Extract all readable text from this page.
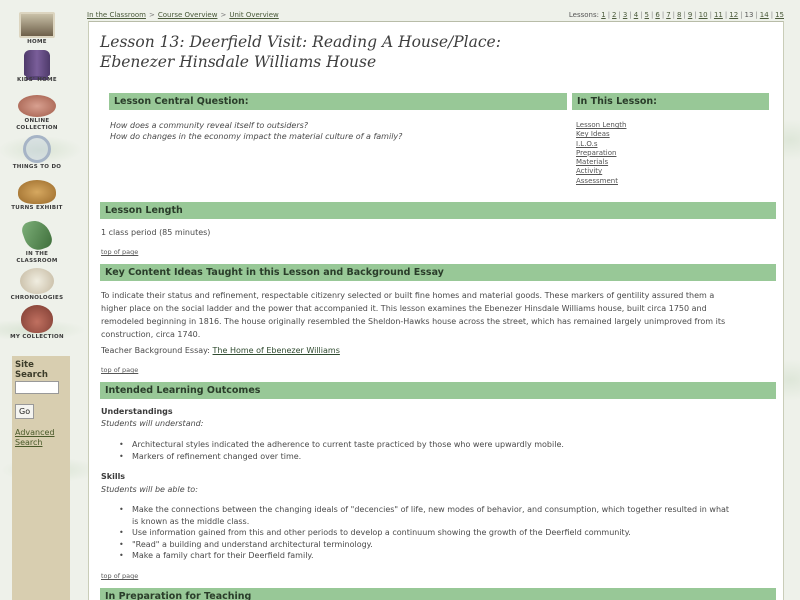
HOME
KIDS' HOME
ONLINE COLLECTION
THINGS TO DO
TURNS EXHIBIT
IN THE CLASSROOM
CHRONOLOGIES
MY COLLECTION
Site Search
Go
Advanced
Search
In the Classroom > Course Overview > Unit Overview	Lessons: 1 | 2 | 3 | 4 | 5 | 6 | 7 | 8 | 9 | 10 | 11 | 12 | 13 | 14 | 15
Lesson 13: Deerfield Visit: Reading A House/Place:
Ebenezer Hinsdale Williams House
Lesson Central Question:
How does a community reveal itself to outsiders?
How do changes in the economy impact the material culture of a family?
In This Lesson:
Lesson Length
Key Ideas
I.L.O.s
Preparation
Materials
Activity
Assessment
Lesson Length
1 class period (85 minutes)
top of page
Key Content Ideas Taught in this Lesson and Background Essay
To indicate their status and refinement, respectable citizenry selected or built fine homes and material goods. These markers of gentility assured them a
higher place on the social ladder and the power that accompanied it. This lesson examines the Ebenezer Hinsdale Williams house, built circa 1750 and
remodeled beginning in 1816. The house originally resembled the Sheldon-Hawks house across the street, which has remained largely unimproved from its
construction, circa 1740.
Teacher Background Essay: The Home of Ebenezer Williams
top of page
Intended Learning Outcomes
Understandings
Students will understand:
• Architectural styles indicated the adherence to current taste practiced by those who were upwardly mobile.
• Markers of refinement changed over time.
Skills
Students will be able to:
• Make the connections between the changing ideals of "decencies" of life, new modes of behavior, and consumption, which together resulted in what
is known as the middle class.
• Use information gained from this and other periods to develop a continuum showing the growth of the Deerfield community.
• "Read" a building and understand architectural terminology.
• Make a family chart for their Deerfield family.
top of page
In Preparation for Teaching
